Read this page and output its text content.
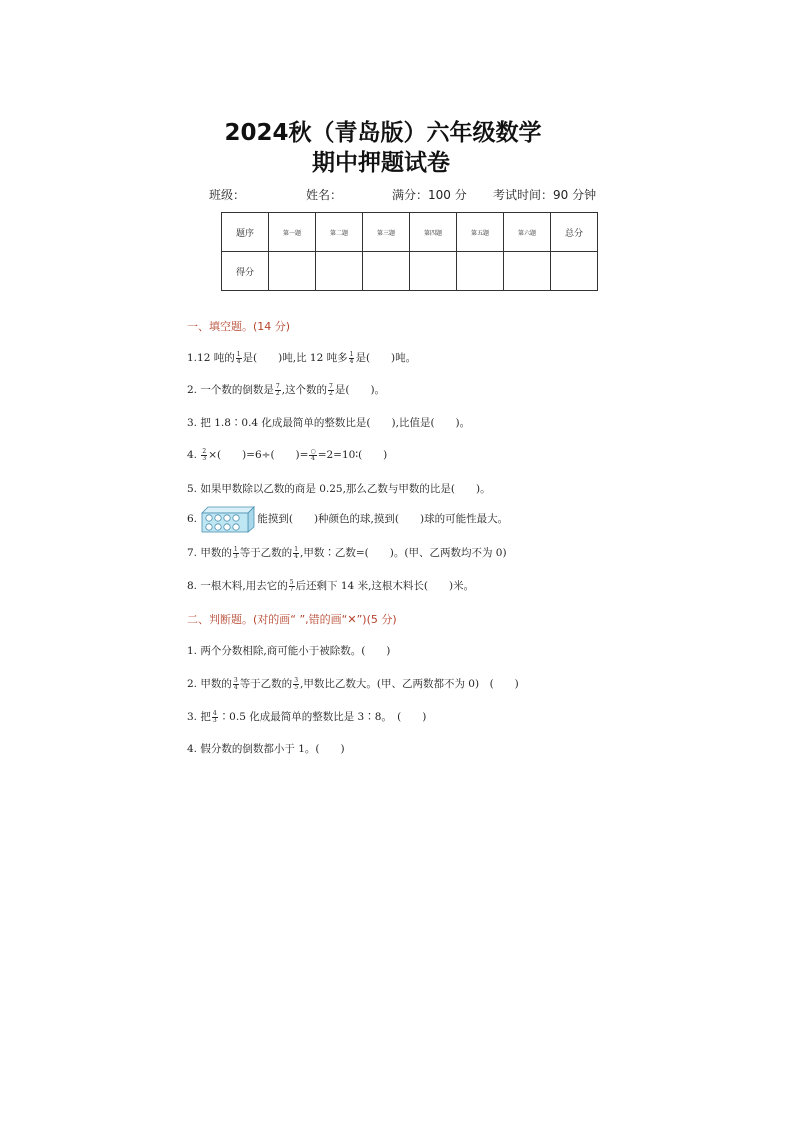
2024秋（青岛版）六年级数学
期中押题试卷
班级：	姓名：	满分：100 分 考试时间：90 分钟
题序	第一题	第二题	第三题	第四题	第五题	第六题	总分
得分							
一、填空题。(14 分)
1.12 吨的 $\frac{1}{4}$ 是(　　)吨,比 12 吨多 $\frac{1}{4}$ 是(　　)吨。
2. 一个数的倒数是 $\frac{7}{2}$ ,这个数的 $\frac{7}{2}$ 是(　　)。
3. 把 1.8∶0.4 化成最简单的整数比是(　　),比值是(　　)。
4. $\frac{2}{3}$ ×(　　)=6÷(　　)= $\frac{○}{4}$ =2=10∶(　　)
5. 如果甲数除以乙数的商是 0.25,那么乙数与甲数的比是(　　)。
6.	能摸到(　　)种颜色的球,摸到(　　)球的可能性最大。
7. 甲数的 $\frac{1}{3}$ 等于乙数的 $\frac{1}{4}$ ,甲数∶乙数=(　　)。(甲、乙两数均不为 0)
8. 一根木料,用去它的 $\frac{5}{7}$ 后还剩下 14 米,这根木料长(　　)米。
二、判断题。(对的画“ ”,错的画“✕”)(5 分)
1. 两个分数相除,商可能小于被除数。(　　)
2. 甲数的 $\frac{3}{4}$ 等于乙数的 $\frac{3}{5}$ ,甲数比乙数大。(甲、乙两数都不为 0)　(　　)
3. 把 $\frac{4}{3}$ ∶0.5 化成最简单的整数比是 3∶8。　(　　)
4. 假分数的倒数都小于 1。(　　)
